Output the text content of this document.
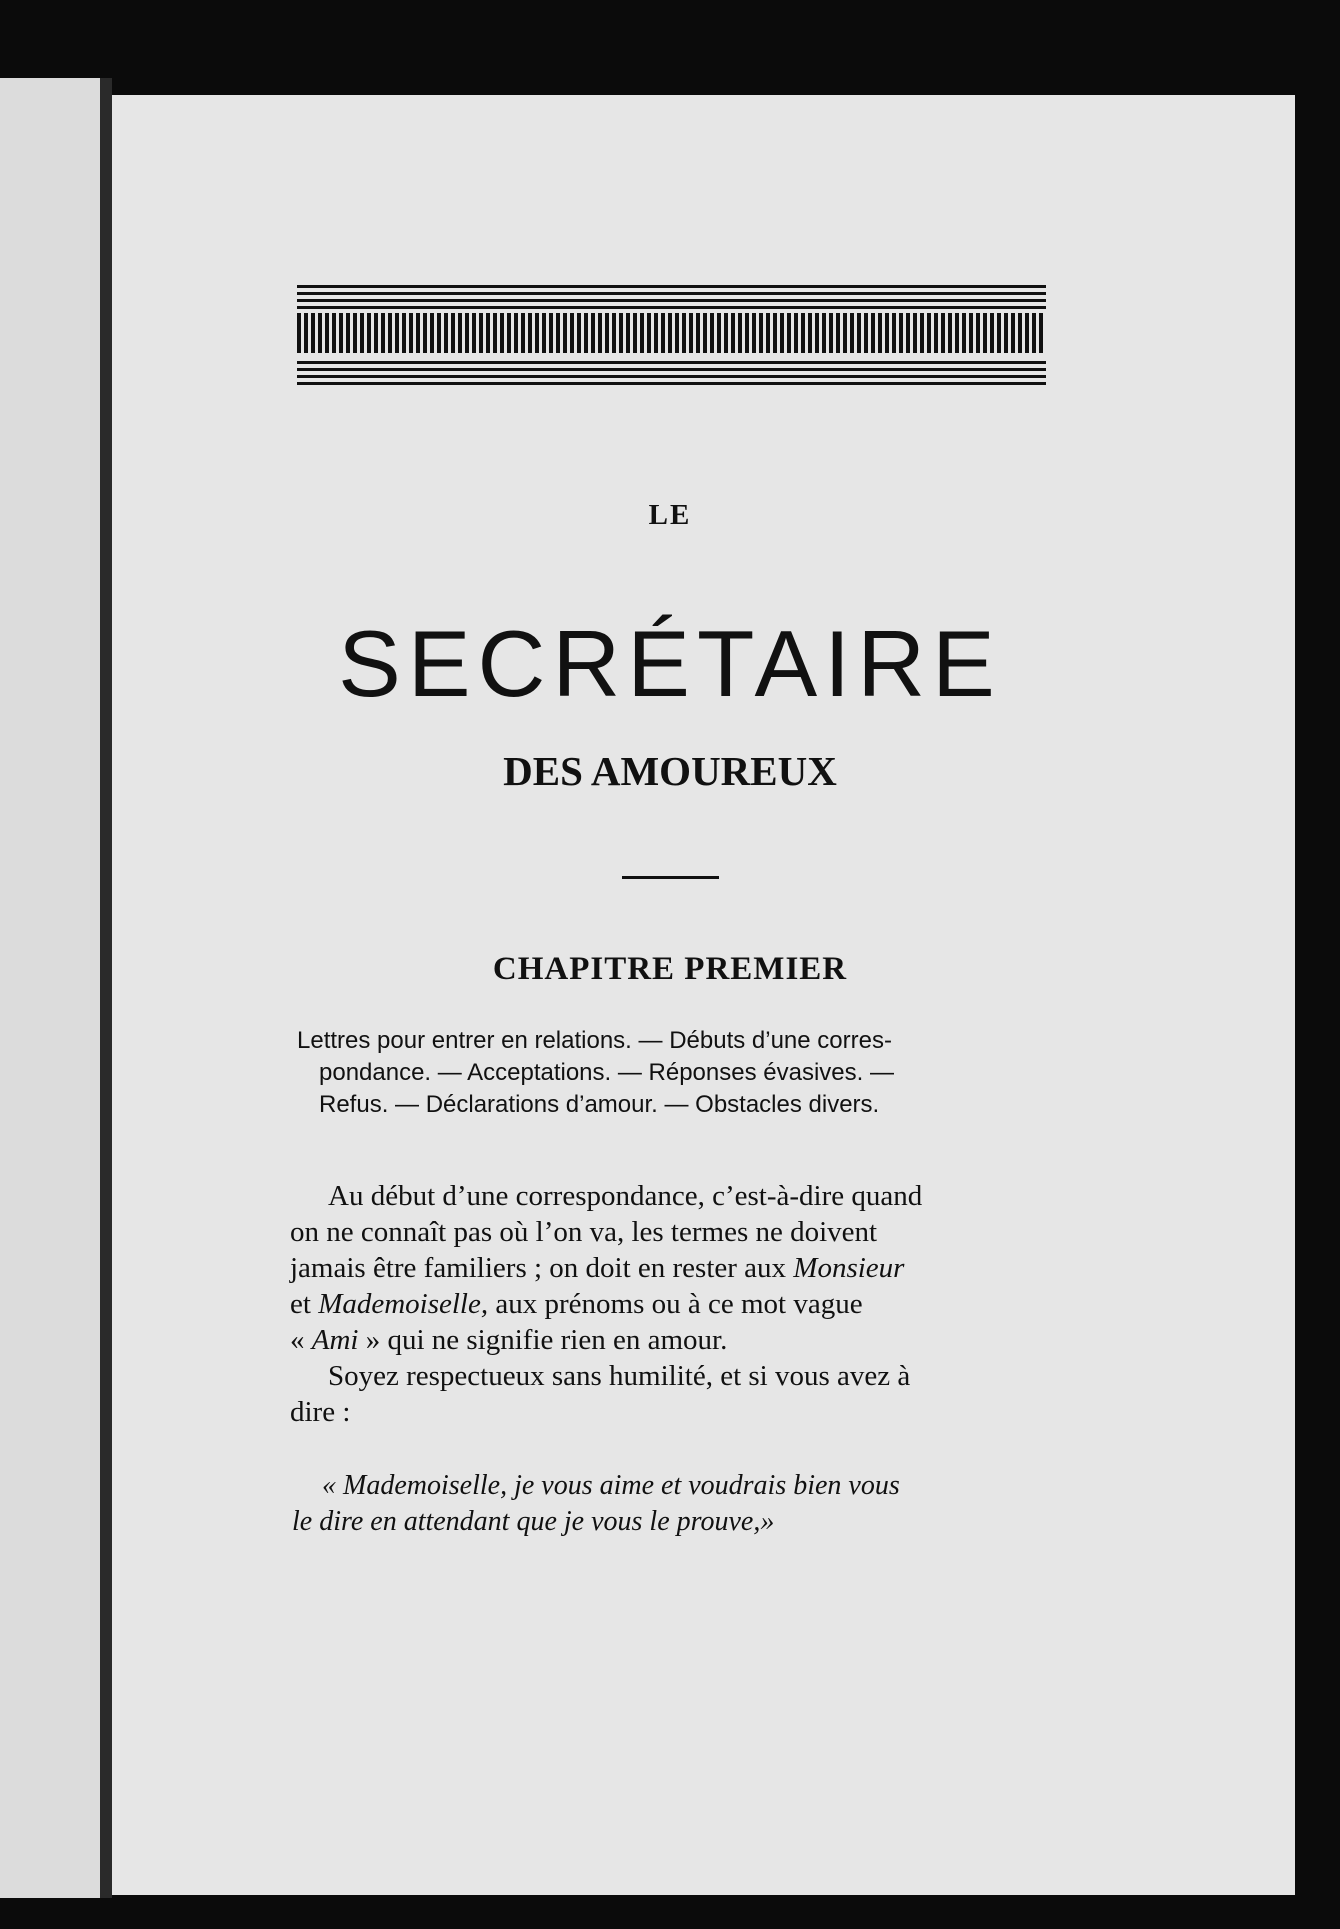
LE
SECRÉTAIRE
DES AMOUREUX
CHAPITRE PREMIER
Lettres pour entrer en relations. — Débuts d’une corres-
pondance. — Acceptations. — Réponses évasives. —
Refus. — Déclarations d’amour. — Obstacles divers.
Au début d’une correspondance, c’est-à-dire quand
on ne connaît pas où l’on va, les termes ne doivent
jamais être familiers ; on doit en rester aux Monsieur
et Mademoiselle, aux prénoms ou à ce mot vague
« Ami » qui ne signifie rien en amour.
Soyez respectueux sans humilité, et si vous avez à
dire :
« Mademoiselle, je vous aime et voudrais bien vous
le dire en attendant que je vous le prouve,»
